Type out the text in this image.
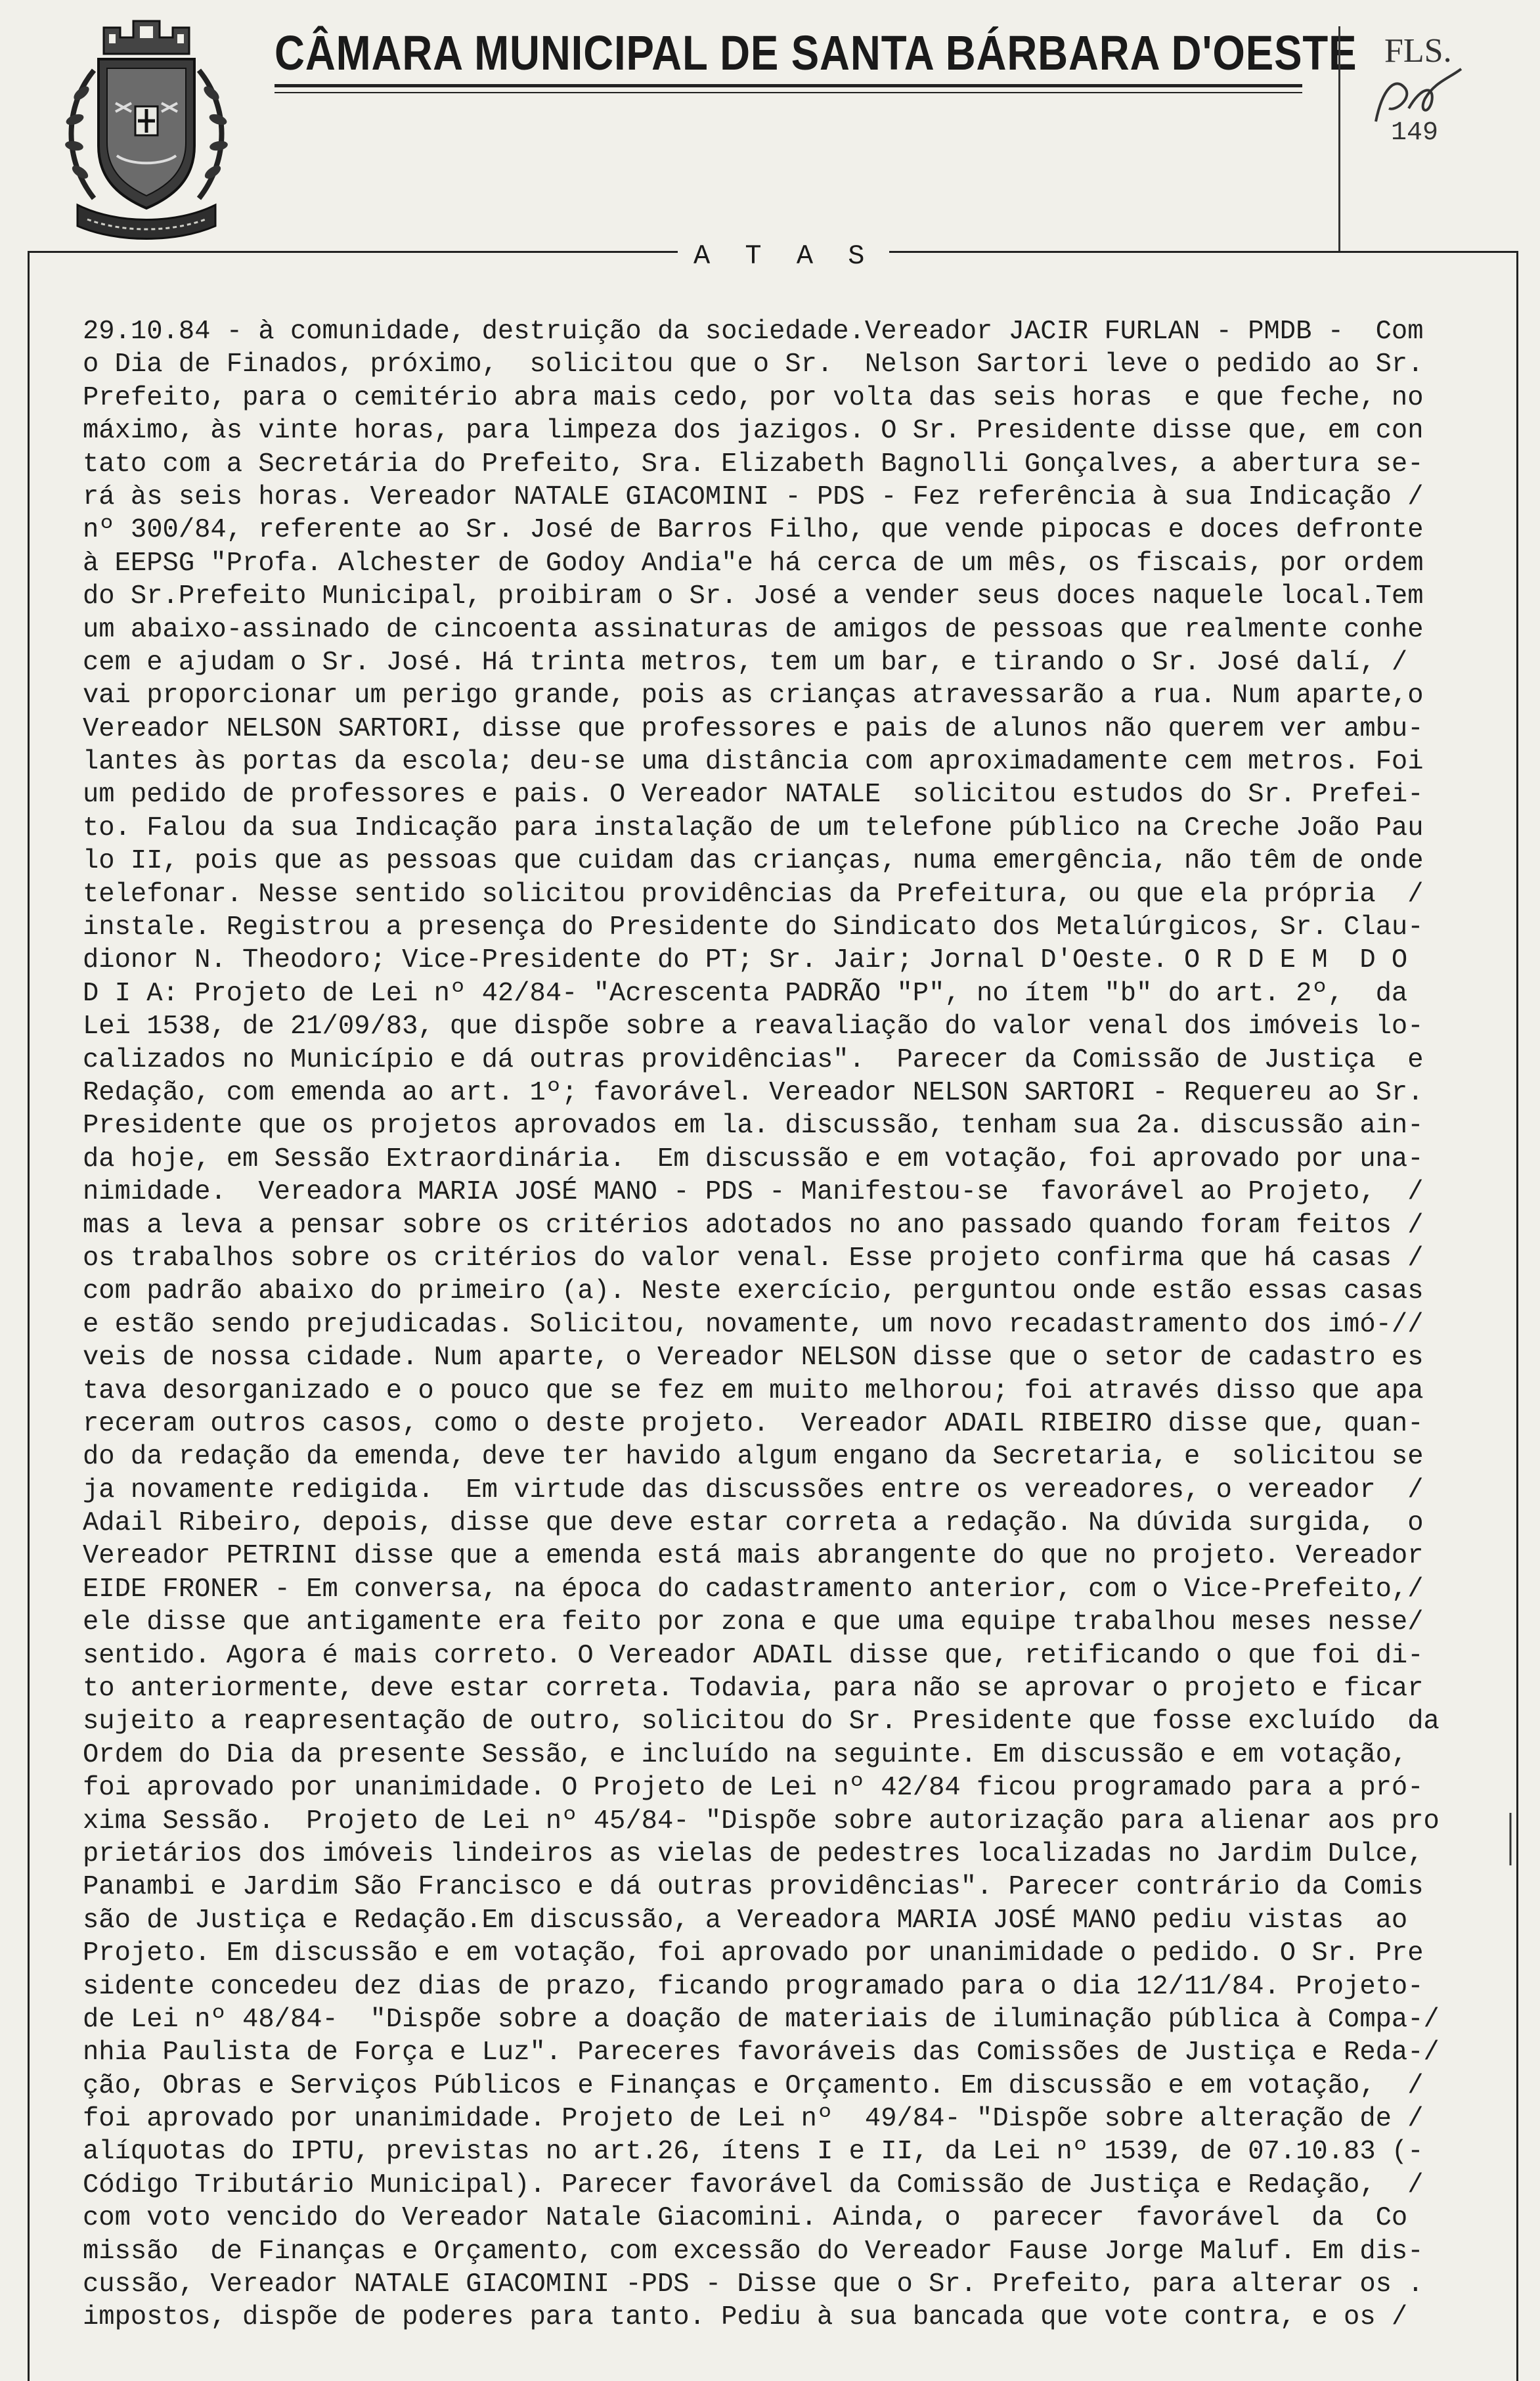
CÂMARA MUNICIPAL DE SANTA BÁRBARA D'OESTE FLS.
149
A T A S
29.10.84 - à comunidade, destruição da sociedade.Vereador JACIR FURLAN - PMDB -  Com
o Dia de Finados, próximo,  solicitou que o Sr.  Nelson Sartori leve o pedido ao Sr.
Prefeito, para o cemitério abra mais cedo, por volta das seis horas  e que feche, no
máximo, às vinte horas, para limpeza dos jazigos. O Sr. Presidente disse que, em con
tato com a Secretária do Prefeito, Sra. Elizabeth Bagnolli Gonçalves, a abertura se-
rá às seis horas. Vereador NATALE GIACOMINI - PDS - Fez referência à sua Indicação /
nº 300/84, referente ao Sr. José de Barros Filho, que vende pipocas e doces defronte
à EEPSG "Profa. Alchester de Godoy Andia"e há cerca de um mês, os fiscais, por ordem
do Sr.Prefeito Municipal, proibiram o Sr. José a vender seus doces naquele local.Tem
um abaixo-assinado de cincoenta assinaturas de amigos de pessoas que realmente conhe
cem e ajudam o Sr. José. Há trinta metros, tem um bar, e tirando o Sr. José dalí, /
vai proporcionar um perigo grande, pois as crianças atravessarão a rua. Num aparte,o
Vereador NELSON SARTORI, disse que professores e pais de alunos não querem ver ambu-
lantes às portas da escola; deu-se uma distância com aproximadamente cem metros. Foi
um pedido de professores e pais. O Vereador NATALE  solicitou estudos do Sr. Prefei-
to. Falou da sua Indicação para instalação de um telefone público na Creche João Pau
lo II, pois que as pessoas que cuidam das crianças, numa emergência, não têm de onde
telefonar. Nesse sentido solicitou providências da Prefeitura, ou que ela própria  /
instale. Registrou a presença do Presidente do Sindicato dos Metalúrgicos, Sr. Clau-
dionor N. Theodoro; Vice-Presidente do PT; Sr. Jair; Jornal D'Oeste. O R D E M  D O
D I A: Projeto de Lei nº 42/84- "Acrescenta PADRÃO "P", no ítem "b" do art. 2º,  da
Lei 1538, de 21/09/83, que dispõe sobre a reavaliação do valor venal dos imóveis lo-
calizados no Município e dá outras providências".  Parecer da Comissão de Justiça  e
Redação, com emenda ao art. 1º; favorável. Vereador NELSON SARTORI - Requereu ao Sr.
Presidente que os projetos aprovados em la. discussão, tenham sua 2a. discussão ain-
da hoje, em Sessão Extraordinária.  Em discussão e em votação, foi aprovado por una-
nimidade.  Vereadora MARIA JOSÉ MANO - PDS - Manifestou-se  favorável ao Projeto,  /
mas a leva a pensar sobre os critérios adotados no ano passado quando foram feitos /
os trabalhos sobre os critérios do valor venal. Esse projeto confirma que há casas /
com padrão abaixo do primeiro (a). Neste exercício, perguntou onde estão essas casas
e estão sendo prejudicadas. Solicitou, novamente, um novo recadastramento dos imó-//
veis de nossa cidade. Num aparte, o Vereador NELSON disse que o setor de cadastro es
tava desorganizado e o pouco que se fez em muito melhorou; foi através disso que apa
receram outros casos, como o deste projeto.  Vereador ADAIL RIBEIRO disse que, quan-
do da redação da emenda, deve ter havido algum engano da Secretaria, e  solicitou se
ja novamente redigida.  Em virtude das discussões entre os vereadores, o vereador  /
Adail Ribeiro, depois, disse que deve estar correta a redação. Na dúvida surgida,  o
Vereador PETRINI disse que a emenda está mais abrangente do que no projeto. Vereador
EIDE FRONER - Em conversa, na época do cadastramento anterior, com o Vice-Prefeito,/
ele disse que antigamente era feito por zona e que uma equipe trabalhou meses nesse/
sentido. Agora é mais correto. O Vereador ADAIL disse que, retificando o que foi di-
to anteriormente, deve estar correta. Todavia, para não se aprovar o projeto e ficar
sujeito a reapresentação de outro, solicitou do Sr. Presidente que fosse excluído  da
Ordem do Dia da presente Sessão, e incluído na seguinte. Em discussão e em votação,
foi aprovado por unanimidade. O Projeto de Lei nº 42/84 ficou programado para a pró-
xima Sessão.  Projeto de Lei nº 45/84- "Dispõe sobre autorização para alienar aos pro
prietários dos imóveis lindeiros as vielas de pedestres localizadas no Jardim Dulce,
Panambi e Jardim São Francisco e dá outras providências". Parecer contrário da Comis
são de Justiça e Redação.Em discussão, a Vereadora MARIA JOSÉ MANO pediu vistas  ao
Projeto. Em discussão e em votação, foi aprovado por unanimidade o pedido. O Sr. Pre
sidente concedeu dez dias de prazo, ficando programado para o dia 12/11/84. Projeto-
de Lei nº 48/84-  "Dispõe sobre a doação de materiais de iluminação pública à Compa-/
nhia Paulista de Força e Luz". Pareceres favoráveis das Comissões de Justiça e Reda-/
ção, Obras e Serviços Públicos e Finanças e Orçamento. Em discussão e em votação,  /
foi aprovado por unanimidade. Projeto de Lei nº  49/84- "Dispõe sobre alteração de /
alíquotas do IPTU, previstas no art.26, ítens I e II, da Lei nº 1539, de 07.10.83 (-
Código Tributário Municipal). Parecer favorável da Comissão de Justiça e Redação,  /
com voto vencido do Vereador Natale Giacomini. Ainda, o  parecer  favorável  da  Co
missão  de Finanças e Orçamento, com excessão do Vereador Fause Jorge Maluf. Em dis-
cussão, Vereador NATALE GIACOMINI -PDS - Disse que o Sr. Prefeito, para alterar os .
impostos, dispõe de poderes para tanto. Pediu à sua bancada que vote contra, e os /
